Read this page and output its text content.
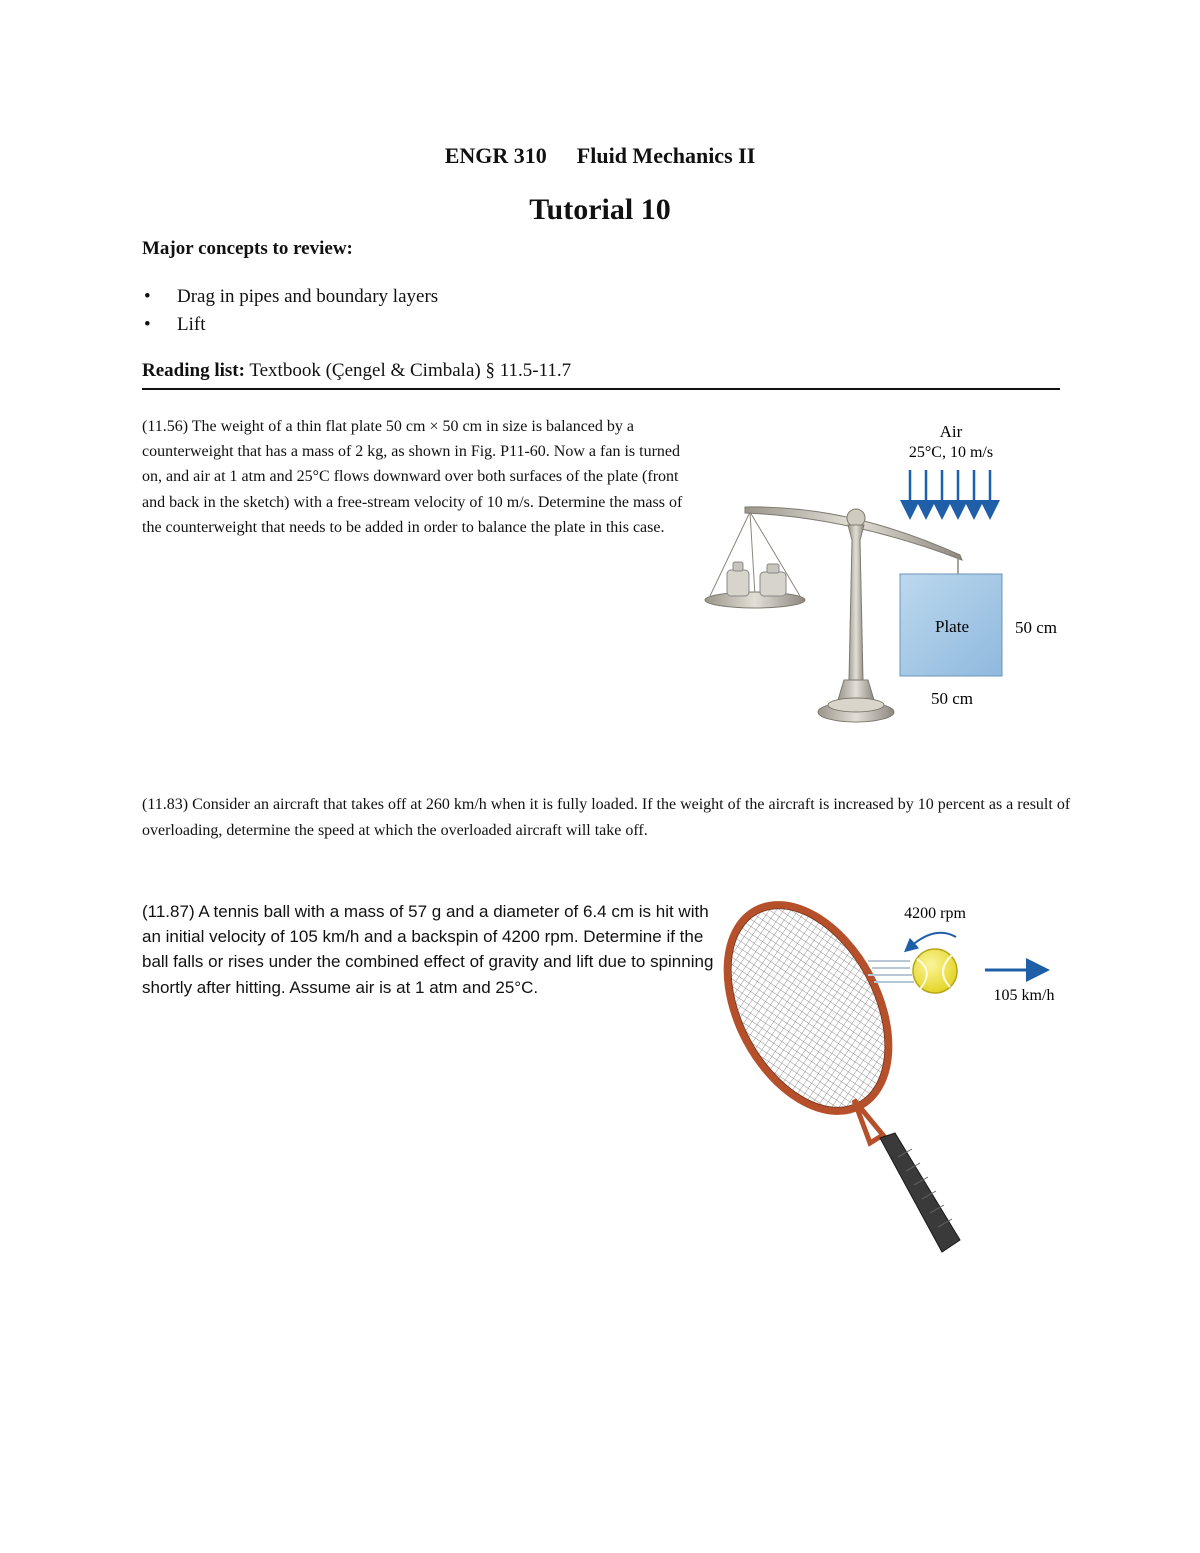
ENGR 310 Fluid Mechanics II
Tutorial 10
Major concepts to review:
• Drag in pipes and boundary layers
• Lift
Reading list: Textbook (Çengel & Cimbala) § 11.5-11.7
(11.56) The weight of a thin flat plate 50 cm × 50 cm in size is balanced by a counterweight that has a mass of 2 kg, as shown in Fig. P11-60. Now a fan is turned on, and air at 1 atm and 25°C flows downward over both surfaces of the plate (front and back in the sketch) with a free-stream velocity of 10 m/s. Determine the mass of the counterweight that needs to be added in order to balance the plate in this case.
Air
25°C, 10 m/s
Plate	50 cm
50 cm
(11.83) Consider an aircraft that takes off at 260 km/h when it is fully loaded. If the weight of the aircraft is increased by 10 percent as a result of overloading, determine the speed at which the overloaded aircraft will take off.
(11.87) A tennis ball with a mass of 57 g and a diameter of 6.4 cm is hit with an initial velocity of 105 km/h and a backspin of 4200 rpm. Determine if the ball falls or rises under the combined effect of gravity and lift due to spinning shortly after hitting. Assume air is at 1 atm and 25°C.
4200 rpm
105 km/h
